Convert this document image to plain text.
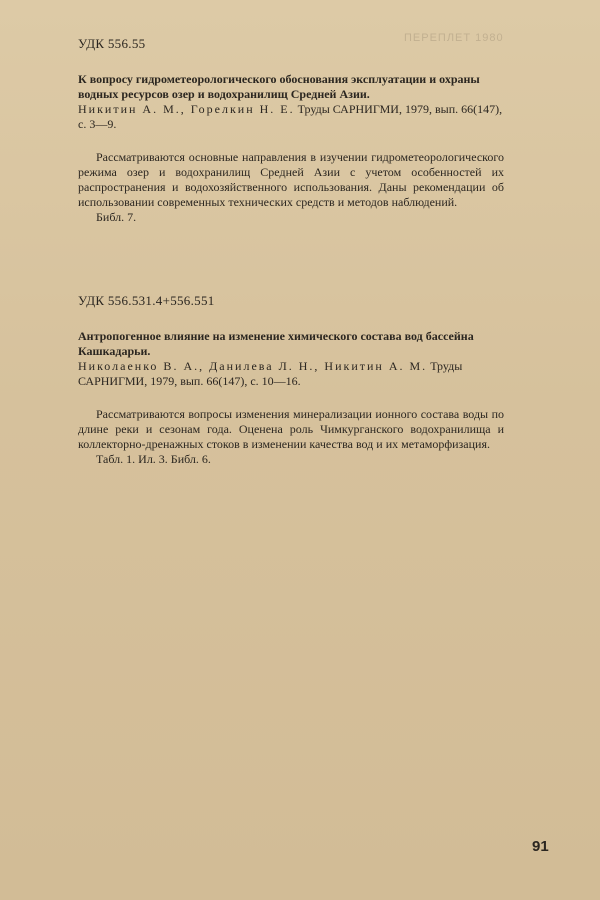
ПЕРЕПЛЕТ 1980
УДК 556.55
К вопросу гидрометеорологического обоснования эксплуатации и охраны водных ресурсов озер и водохранилищ Средней Азии.
Никитин А. М., Горелкин Н. Е. Труды САРНИГМИ, 1979, вып. 66(147), с. 3—9.
Рассматриваются основные направления в изучении гидрометеорологического режима озер и водохранилищ Средней Азии с учетом особенностей их распространения и водохозяйственного использования. Даны рекомендации об использовании современных технических средств и методов наблюдений.
Библ. 7.
УДК 556.531.4+556.551
Антропогенное влияние на изменение химического состава вод бассейна Кашкадарьи.
Николаенко В. А., Данилева Л. Н., Никитин А. М. Труды САРНИГМИ, 1979, вып. 66(147), с. 10—16.
Рассматриваются вопросы изменения минерализации ионного состава воды по длине реки и сезонам года. Оценена роль Чимкурганского водохранилища и коллекторно-дренажных стоков в изменении качества вод и их метаморфизация.
Табл. 1. Ил. 3. Библ. 6.
91
